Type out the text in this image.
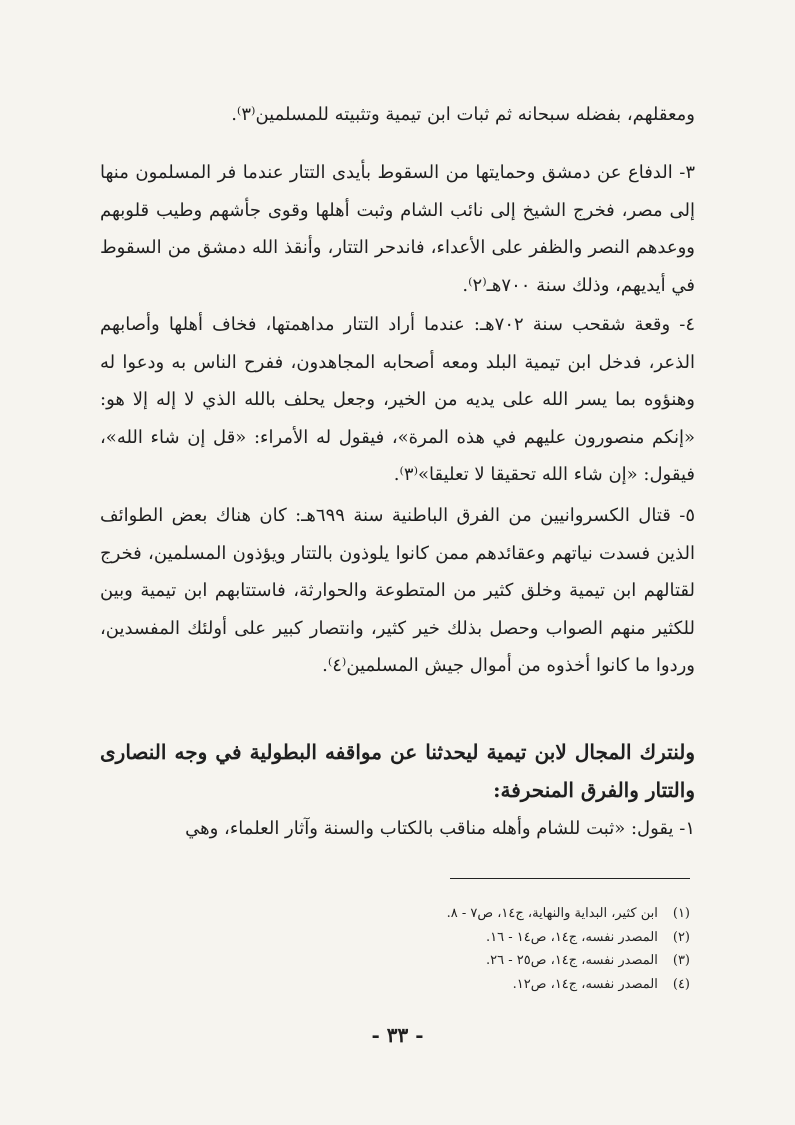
ومعقلهم، بفضله سبحانه ثم ثبات ابن تيمية وتثبيته للمسلمين⁽٣⁾.

٣- الدفاع عن دمشق وحمايتها من السقوط بأيدى التتار عندما فر المسلمون منها إلى مصر، فخرج الشيخ إلى نائب الشام وثبت أهلها وقوى جأشهم وطيب قلوبهم ووعدهم النصر والظفر على الأعداء، فاندحر التتار، وأنقذ الله دمشق من السقوط في أيديهم، وذلك سنة ٧٠٠هـ⁽٢⁾.

٤- وقعة شقحب سنة ٧٠٢هـ: عندما أراد التتار مداهمتها، فخاف أهلها وأصابهم الذعر، فدخل ابن تيمية البلد ومعه أصحابه المجاهدون، ففرح الناس به ودعوا له وهنؤوه بما يسر الله على يديه من الخير، وجعل يحلف بالله الذي لا إله إلا هو: «إنكم منصورون عليهم في هذه المرة»، فيقول له الأمراء: «قل إن شاء الله»، فيقول: «إن شاء الله تحقيقا لا تعليقا»⁽٣⁾.

٥- قتال الكسروانيين من الفرق الباطنية سنة ٦٩٩هـ: كان هناك بعض الطوائف الذين فسدت نياتهم وعقائدهم ممن كانوا يلوذون بالتتار ويؤذون المسلمين، فخرج لقتالهم ابن تيمية وخلق كثير من المتطوعة والحوارثة، فاستتابهم ابن تيمية وبين للكثير منهم الصواب وحصل بذلك خير كثير، وانتصار كبير على أولئك المفسدين، وردوا ما كانوا أخذوه من أموال جيش المسلمين⁽٤⁾.

ولنترك المجال لابن تيمية ليحدثنا عن مواقفه البطولية في وجه النصارى والتتار والفرق المنحرفة:

١- يقول: «ثبت للشام وأهله مناقب بالكتاب والسنة وآثار العلماء، وهي

(١) ابن كثير، البداية والنهاية، ج١٤، ص٧ - ٨.
(٢) المصدر نفسه، ج١٤، ص١٤ - ١٦.
(٣) المصدر نفسه، ج١٤، ص٢٥ - ٢٦.
(٤) المصدر نفسه، ج١٤، ص١٢.
- ٣٣ -
